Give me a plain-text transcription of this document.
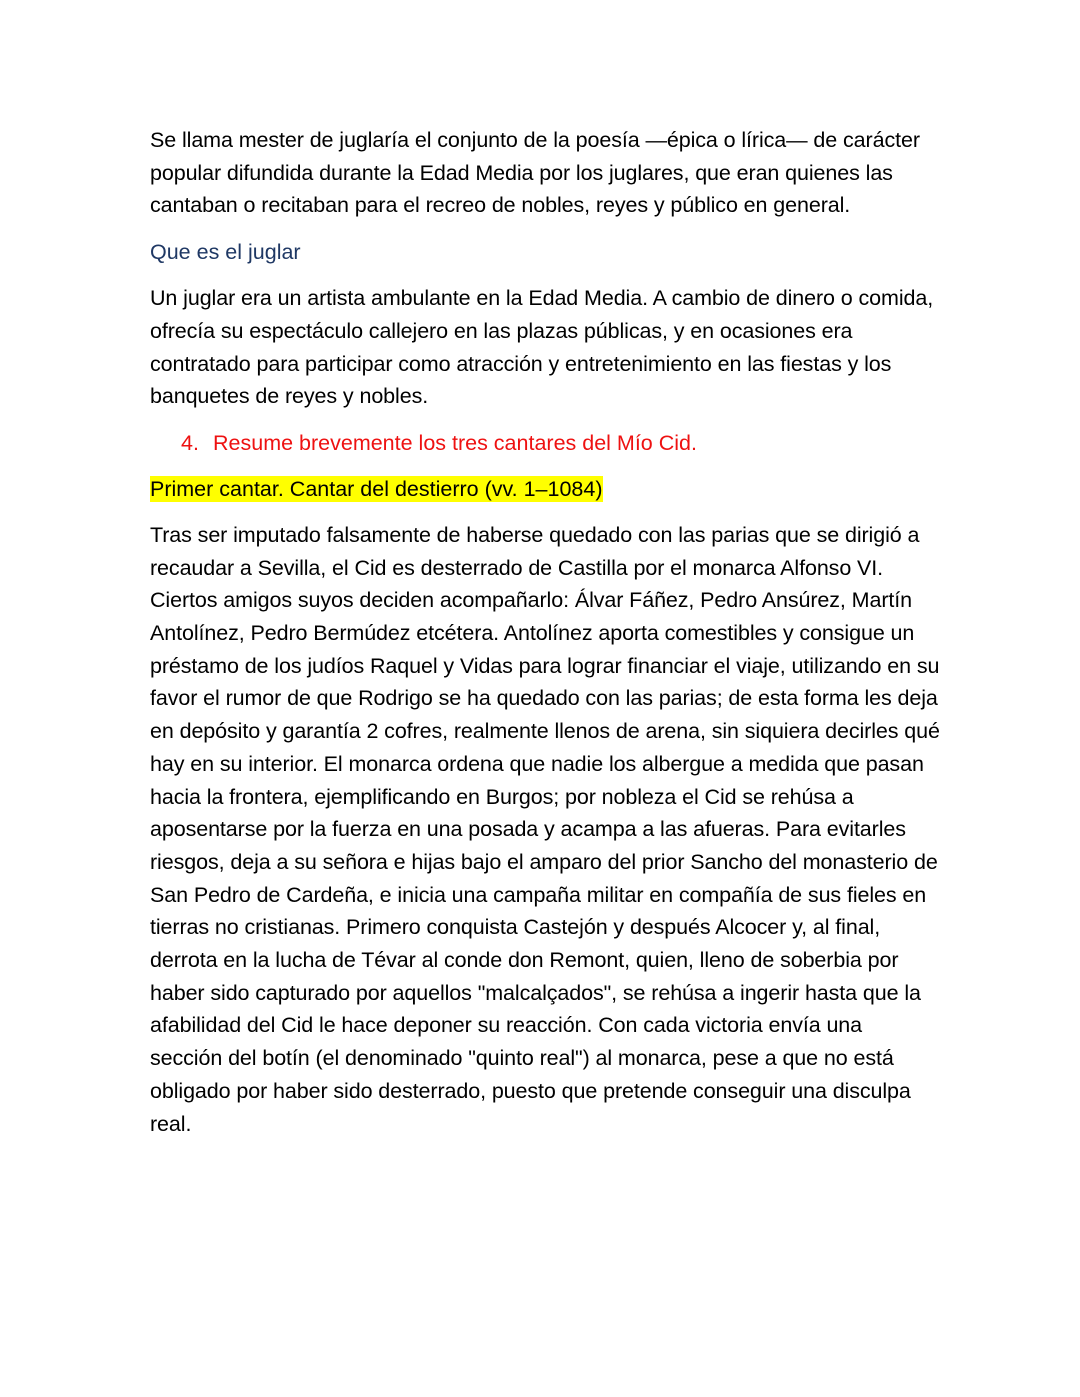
Se llama mester de juglaría el conjunto de la poesía —épica o lírica— de carácter popular difundida durante la Edad Media por los juglares, que eran quienes las cantaban o recitaban para el recreo de nobles, reyes y público en general.

Que es el juglar

Un juglar era un artista ambulante en la Edad Media. A cambio de dinero o comida, ofrecía su espectáculo callejero en las plazas públicas, y en ocasiones era contratado para participar como atracción y entretenimiento en las fiestas y los banquetes de reyes y nobles.

4. Resume brevemente los tres cantares del Mío Cid.

Primer cantar. Cantar del destierro (vv. 1–1084)

Tras ser imputado falsamente de haberse quedado con las parias que se dirigió a recaudar a Sevilla, el Cid es desterrado de Castilla por el monarca Alfonso VI. Ciertos amigos suyos deciden acompañarlo: Álvar Fáñez, Pedro Ansúrez, Martín Antolínez, Pedro Bermúdez etcétera. Antolínez aporta comestibles y consigue un préstamo de los judíos Raquel y Vidas para lograr financiar el viaje, utilizando en su favor el rumor de que Rodrigo se ha quedado con las parias; de esta forma les deja en depósito y garantía 2 cofres, realmente llenos de arena, sin siquiera decirles qué hay en su interior. El monarca ordena que nadie los albergue a medida que pasan hacia la frontera, ejemplificando en Burgos; por nobleza el Cid se rehúsa a aposentarse por la fuerza en una posada y acampa a las afueras. Para evitarles riesgos, deja a su señora e hijas bajo el amparo del prior Sancho del monasterio de San Pedro de Cardeña, e inicia una campaña militar en compañía de sus fieles en tierras no cristianas. Primero conquista Castejón y después Alcocer y, al final, derrota en la lucha de Tévar al conde don Remont, quien, lleno de soberbia por haber sido capturado por aquellos "malcalçados", se rehúsa a ingerir hasta que la afabilidad del Cid le hace deponer su reacción. Con cada victoria envía una sección del botín (el denominado "quinto real") al monarca, pese a que no está obligado por haber sido desterrado, puesto que pretende conseguir una disculpa real.
